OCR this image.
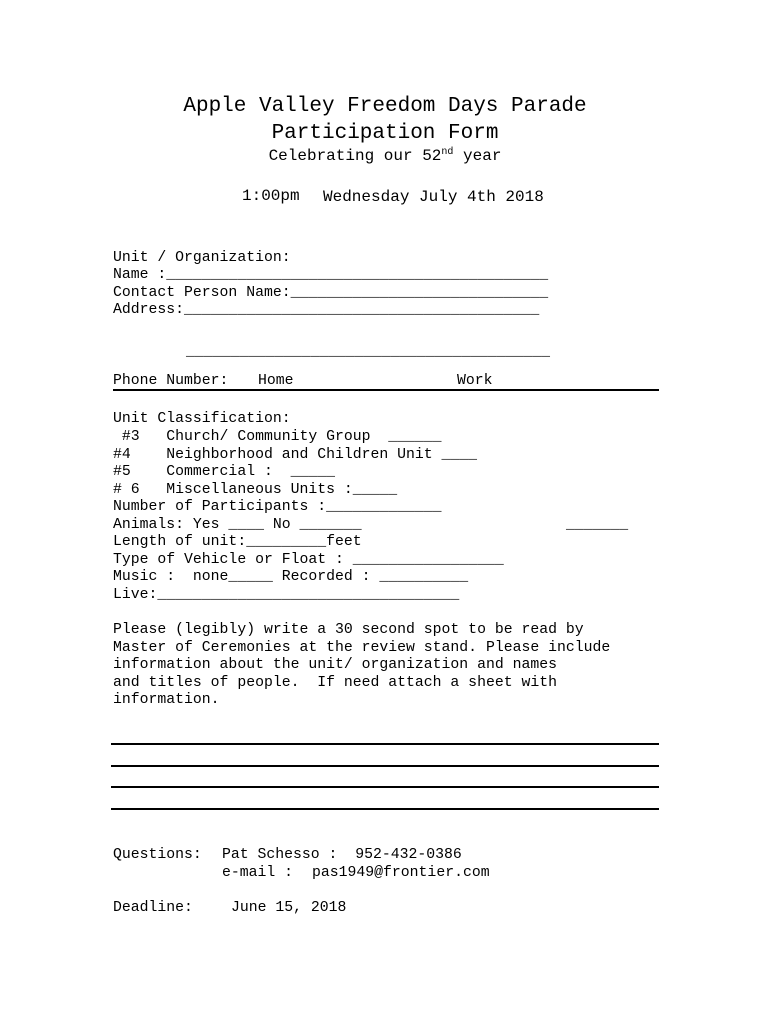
Apple Valley Freedom Days Parade
Participation Form
Celebrating our 52nd year
1:00pm Wednesday July 4th 2018
Unit / Organization:
Name :___________________________________________
Contact Person Name:_____________________________
Address:________________________________________
_________________________________________
Phone Number: Home	Work
Unit Classification:
#3   Church/ Community Group  ______
#4    Neighborhood and Children Unit ____
#5    Commercial :  _____
# 6   Miscellaneous Units :_____
Number of Participants :_____________
Animals: Yes ____ No _______	_______
Length of unit:_________feet
Type of Vehicle or Float : _________________
Music :  none_____ Recorded : __________
Live:__________________________________
Please (legibly) write a 30 second spot to be read by
Master of Ceremonies at the review stand. Please include
information about the unit/ organization and names
and titles of people.  If need attach a sheet with
information.
Questions: Pat Schesso :  952-432-0386
e-mail : pas1949@frontier.com
Deadline:	June 15, 2018
